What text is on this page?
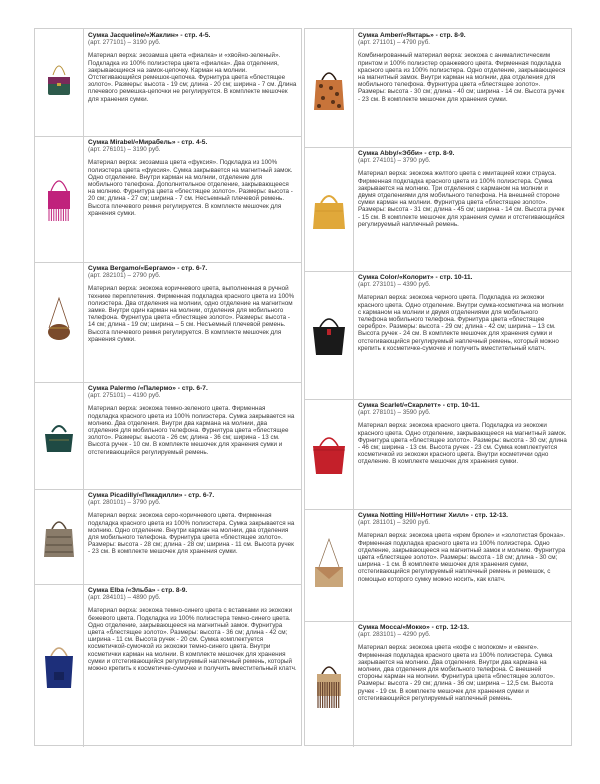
Сумка Jacqueline/«Жаклин» - стр. 4-5.
(арт. 277101) – 3190 руб.
Материал верха: экозамша цвета «фиалка» и «хвойно-зеленый». Подкладка из 100% полиэстера цвета «фиалка». Два отделения, закрывающиеся на замок-цепочку. Карман на молнии. Отстегивающийся ремешок-цепочка. Фурнитура цвета «блестящее золото». Размеры: высота - 19 см; длина - 20 см; ширина - 7 см. Длина плечевого ремешка-цепочки не регулируется. В комплекте мешочек для хранения сумки.
Сумка Mirabel/«Мирабель» - стр. 4-5.
(арт. 276101) – 3190 руб.
Материал верха: экозамша цвета «фуксия». Подкладка из 100% полиэстера цвета «фуксия». Сумка закрывается на магнитный замок. Одно отделение. Внутри карман на молнии, отделение для мобильного телефона. Дополнительное отделение, закрывающееся на молнию. Фурнитура цвета «блестящее золото». Размеры: высота - 20 см; длина - 27 см; ширина - 7 см. Несъемный плечевой ремень. Высота плечевого ремня регулируется. В комплекте мешочек для хранения сумки.
Сумка Bergamo/«Бергамо» - стр. 6-7.
(арт. 282101) – 2790 руб.
Материал верха: экокожа коричневого цвета, выполненная в ручной технике переплетения. Фирменная подкладка красного цвета из 100% полиэстера. Два отделения на молнии, одно отделение на магнитном замке. Внутри один карман на молнии, отделения для мобильного телефона. Фурнитура цвета «блестящее золото». Размеры: высота - 14 см; длина - 19 см; ширина – 5 см. Несъемный плечевой ремень. Высота плечевого ремня регулируется. В комплекте мешочек для хранения сумки.
Сумка Palermo /«Палермо» - стр. 6-7.
(арт. 275101) – 4190 руб.
Материал верха: экокожа темно-зеленого цвета. Фирменная подкладка красного цвета из 100% полиэстера. Сумка закрывается на молнию. Два отделения. Внутри два кармана на молнии, два отделения для мобильного телефона. Фурнитура цвета «блестящее золото». Размеры: высота - 26 см; длина - 36 см; ширина - 13 см. Высота ручек - 10 см. В комплекте мешочек для хранения сумки и отстегивающийся регулируемый ремень.
Сумка Picadilly/«Пикадилли» - стр. 6-7.
(арт. 280101) – 3790 руб.
Материал верха: экокожа серо-коричневого цвета. Фирменная подкладка красного цвета из 100% полиэстера. Сумка закрывается на молнию. Одно отделение. Внутри карман на молнии, два отделения для мобильного телефона. Фурнитура цвета «блестящее золото». Размеры: высота - 28 см; длина - 28 см; ширина - 11 см. Высота ручек - 23 см. В комплекте мешочек для хранения сумки.
Сумка Elba /«Эльба» - стр. 8-9.
(арт. 284101) – 4890 руб.
Материал верха: экокожа темно-синего цвета с вставками из экокожи бежевого цвета. Подкладка из 100% полиэстера темно-синего цвета. Одно отделение, закрывающееся на магнитный замок. Фурнитура цвета «блестящее золото». Размеры: высота - 36 см; длина - 42 см; ширина - 11 см. Высота ручек - 20 см. Сумка комплектуется косметичкой-сумочкой из экокожи темно-синего цвета. Внутри косметички карман на молнии. В комплекте мешочек для хранения сумки и отстегивающийся регулируемый наплечный ремень, который можно крепить к косметичке-сумочке и получить вместительный клатч.
Сумка Amber/«Янтарь» - стр. 8-9.
(арт. 271101) – 4790 руб.
Комбинированный материал верха: экокожа с анималистическим принтом и 100% полиэстер оранжевого цвета. Фирменная подкладка красного цвета из 100% полиэстера. Одно отделение, закрывающееся на магнитный замок. Внутри карман на молнии, два отделения для мобильного телефона. Фурнитура цвета «блестящее золото». Размеры: высота - 30 см; длина - 40 см; ширина - 14 см. Высота ручек - 23 см. В комплекте мешочек для хранения сумки.
Сумка Abby/«Эбби» - стр. 8-9.
(арт. 274101) – 3790 руб.
Материал верха: экокожа желтого цвета с имитацией кожи страуса. Фирменная подкладка красного цвета из 100% полиэстера. Сумка закрывается на молнию. Три отделения с карманом на молнии и двумя отделениями для мобильного телефона. На внешней стороне сумки карман на молнии. Фурнитура цвета «блестящее золото». Размеры: высота - 31 см; длина - 45 см; ширина - 14 см. Высота ручек - 15 см. В комплекте мешочек для хранения сумки и отстегивающийся регулируемый наплечный ремень.
Сумка Color/«Колорит» - стр. 10-11.
(арт. 273101) – 4390 руб.
Материал верха: экокожа черного цвета. Подкладка из экокожи красного цвета. Одно отделение. Внутри сумка-косметичка на молнии с карманом на молнии и двумя отделениями для мобильного телефона мобильного телефона. Фурнитура цвета «блестящее серебро». Размеры: высота - 29 см; длина - 42 см; ширина – 13 см. Высота ручек - 24 см. В комплекте мешочек для хранения сумки и отстегивающийся регулируемый наплечный ремень, который можно крепить к косметичке-сумочке и получить вместительный клатч.
Сумка Scarlet/«Скарлетт» - стр. 10-11.
(арт. 278101) – 3590 руб.
Материал верха: экокожа красного цвета. Подкладка из экокожи красного цвета. Одно отделение, закрывающееся на магнитный замок. Фурнитура цвета «блестящее золото». Размеры: высота - 30 см; длина - 46 см; ширина - 13 см. Высота ручек - 23 см. Сумка комплектуется косметичкой из экокожи красного цвета. Внутри косметички одно отделение. В комплекте мешочек для хранения сумки.
Сумка Notting Hill/«Ноттинг Хилл» - стр. 12-13.
(арт. 281101) – 3290 руб.
Материал верха: экокожа цвета «крем брюле» и «золотистая бронза». Фирменная подкладка красного цвета из 100% полиэстера. Одно отделение, закрывающееся на магнитный замок и молнию. Фурнитура цвета «блестящее золото». Размеры: высота - 18 см; длина - 30 см; ширина - 1 см. В комплекте мешочек для хранения сумки, отстегивающийся регулируемый наплечный ремень и ремешок, с помощью которого сумку можно носить, как клатч.
Сумка Mocca/«Мокко» - стр. 12-13.
(арт. 283101) – 4290 руб.
Материал верха: экокожа цвета «кофе с молоком» и «венге». Фирменная подкладка красного цвета из 100% полиэстера. Сумка закрывается на молнию. Два отделения. Внутри два кармана на молнии, два отделения для мобильного телефона. С внешней стороны карман на молнии. Фурнитура цвета «блестящее золото». Размеры: высота - 29 см; длина - 36 см; ширина – 12,5 см. Высота ручек - 19 см. В комплекте мешочек для хранения сумки и отстегивающийся регулируемый наплечный ремень.
